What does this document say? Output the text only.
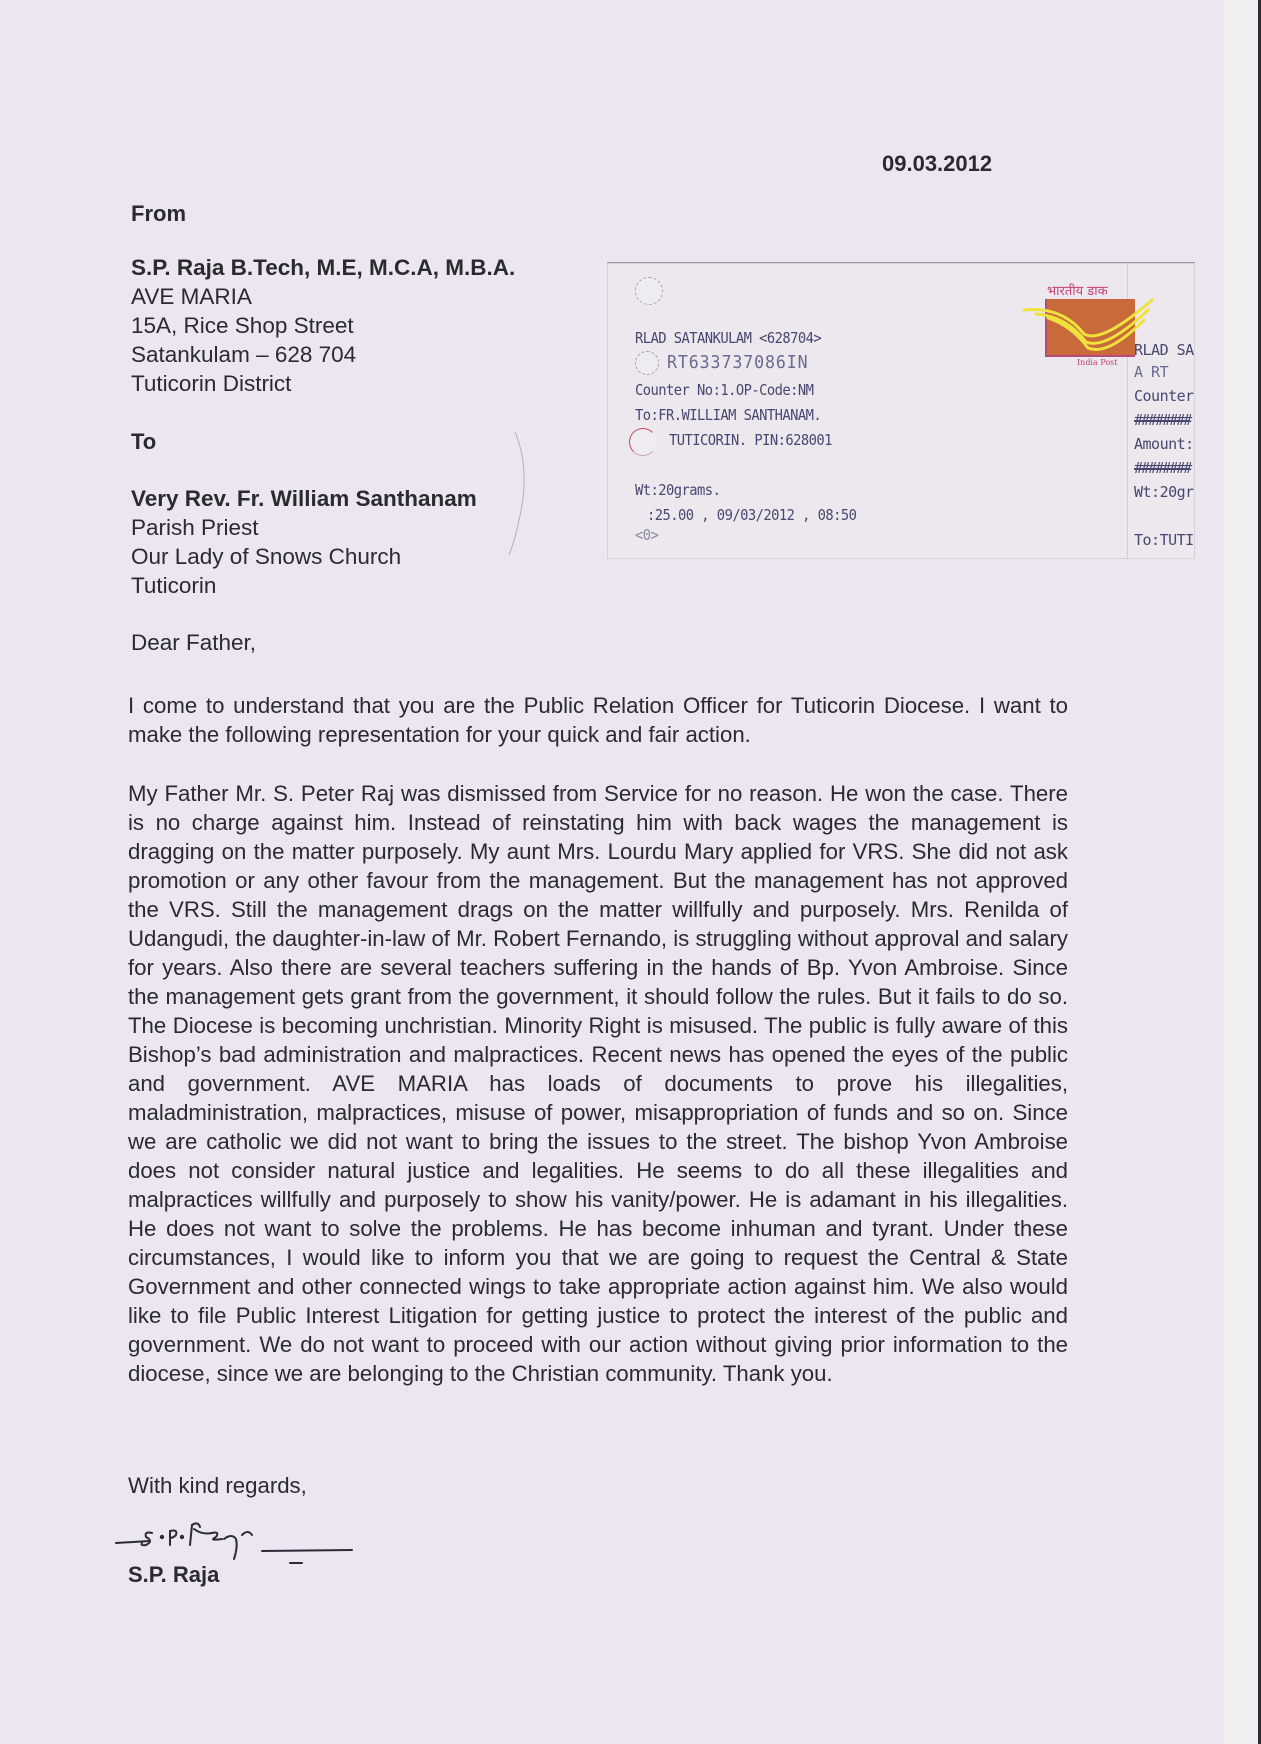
09.03.2012
From
S.P. Raja B.Tech, M.E, M.C.A, M.B.A.
AVE MARIA
15A, Rice Shop Street
Satankulam – 628 704
Tuticorin District
To
Very Rev. Fr. William Santhanam
Parish Priest
Our Lady of Snows Church
Tuticorin
Dear Father,

I come to understand that you are the Public Relation Officer for Tuticorin Diocese. I want to make the following representation for your quick and fair action.

My Father Mr. S. Peter Raj was dismissed from Service for no reason. He won the case. There is no charge against him. Instead of reinstating him with back wages the management is dragging on the matter purposely. My aunt Mrs. Lourdu Mary applied for VRS. She did not ask promotion or any other favour from the management. But the management has not approved the VRS. Still the management drags on the matter willfully and purposely. Mrs. Renilda of Udangudi, the daughter-in-law of Mr. Robert Fernando, is struggling without approval and salary for years. Also there are several teachers suffering in the hands of Bp. Yvon Ambroise. Since the management gets grant from the government, it should follow the rules. But it fails to do so. The Diocese is becoming unchristian. Minority Right is misused. The public is fully aware of this Bishop’s bad administration and malpractices. Recent news has opened the eyes of the public and government. AVE MARIA has loads of documents to prove his illegalities, maladministration, malpractices, misuse of power, misappropriation of funds and so on. Since we are catholic we did not want to bring the issues to the street. The bishop Yvon Ambroise does not consider natural justice and legalities. He seems to do all these illegalities and malpractices willfully and purposely to show his vanity/power. He is adamant in his illegalities. He does not want to solve the problems. He has become inhuman and tyrant. Under these circumstances, I would like to inform you that we are going to request the Central & State Government and other connected wings to take appropriate action against him. We also would like to file Public Interest Litigation for getting justice to protect the interest of the public and government. We do not want to proceed with our action without giving prior information to the diocese, since we are belonging to the Christian community. Thank you.

With kind regards,
S.P. Raja
RLAD SATANKULAM <628704>
RT633737086IN
Counter No:1.OP-Code:NM
To:FR.WILLIAM SANTHANAM.
TUTICORIN. PIN:628001
Wt:20grams.
:25.00 , 09/03/2012 , 08:50
<0>
भारतीय डाक
India Post
RLAD SA
A RT
Counter
########
Amount:
########
Wt:20gr
To:TUTI
